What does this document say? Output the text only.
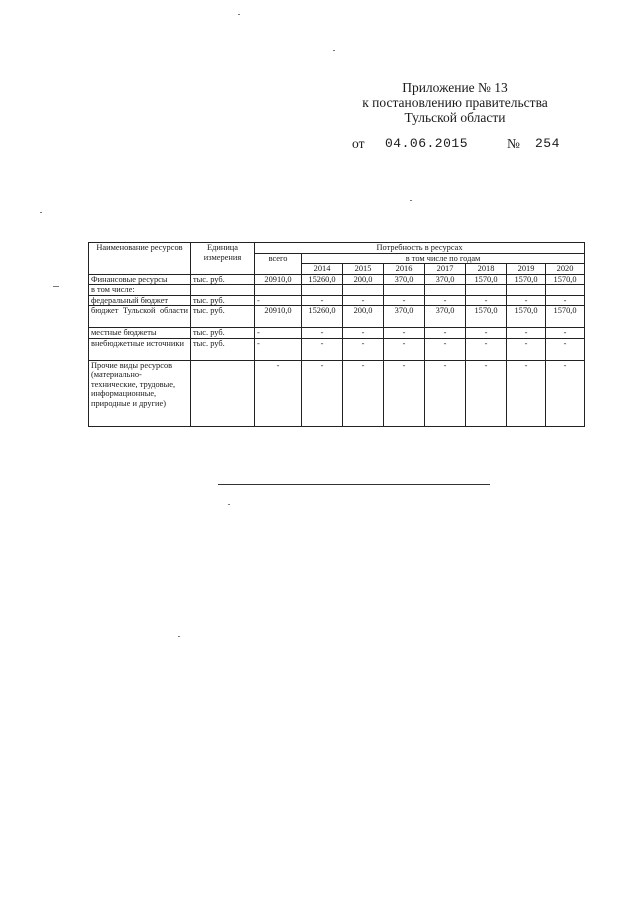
Приложение № 13
к постановлению правительства
Тульской области
от 04.06.2015	№ 254
Наименование ресурсов	Единица измерения	Потребность в ресурсах							
		всего	в том числе по годам						
			2014	2015	2016	2017	2018	2019	2020
Финансовые ресурсы	тыс. руб.	20910,0	15260,0	200,0	370,0	370,0	1570,0	1570,0	1570,0
в том числе:									
федеральный бюджет	тыс. руб.	-	-	-	-	-	-	-	-
бюджет Тульской области	тыс. руб.	20910,0	15260,0	200,0	370,0	370,0	1570,0	1570,0	1570,0
местные бюджеты	тыс. руб.	-	-	-	-	-	-	-	-
внебюджетные источники	тыс. руб.	-	-	-	-	-	-	-	-
Прочие виды ресурсов (материально-технические, трудовые, информационные, природные и другие)		-	-	-	-	-	-	-	-
